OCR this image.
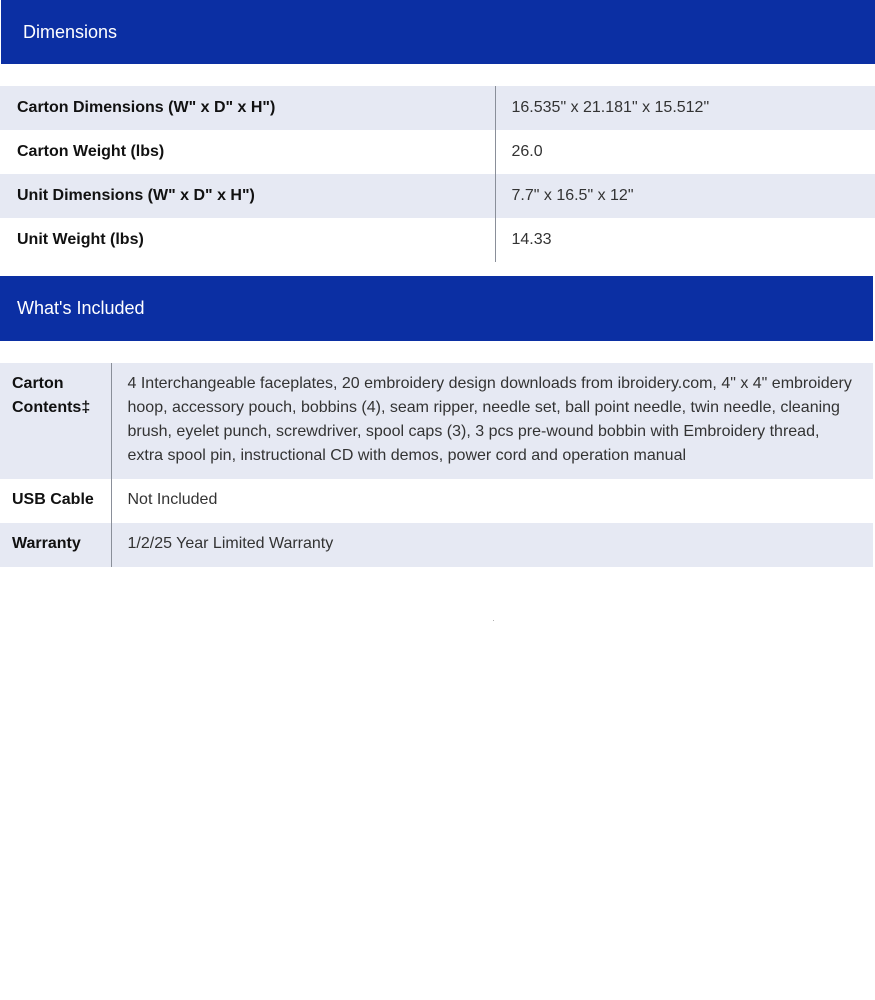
Dimensions
Carton Dimensions (W" x D" x H")	16.535" x 21.181" x 15.512"
Carton Weight (lbs)	26.0
Unit Dimensions (W" x D" x H")	7.7" x 16.5" x 12"
Unit Weight (lbs)	14.33
What's Included
Carton Contents‡	4 Interchangeable faceplates, 20 embroidery design downloads from ibroidery.com, 4" x 4" embroidery hoop, accessory pouch, bobbins (4), seam ripper, needle set, ball point needle, twin needle, cleaning brush, eyelet punch, screwdriver, spool caps (3), 3 pcs pre-wound bobbin with Embroidery thread, extra spool pin, instructional CD with demos, power cord and operation manual
USB Cable	Not Included
Warranty	1/2/25 Year Limited Warranty
